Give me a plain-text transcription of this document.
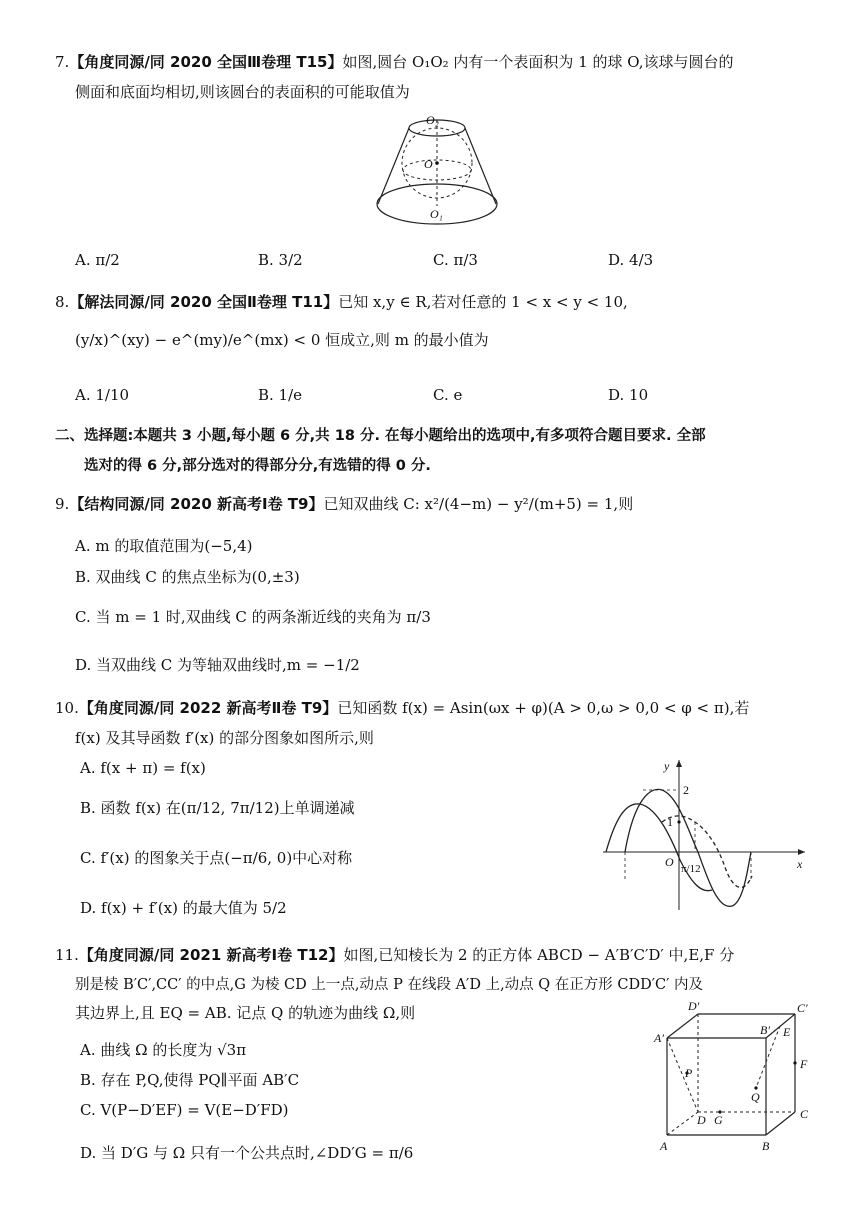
7.【角度同源/同 2020 全国Ⅲ卷理 T15】如图,圆台 O₁O₂ 内有一个表面积为 1 的球 O,该球与圆台的
侧面和底面均相切,则该圆台的表面积的可能取值为
O₂
O
O₁
A. π/2	B. 3/2	C. π/3	D. 4/3
8.【解法同源/同 2020 全国Ⅱ卷理 T11】已知 x,y ∈ R,若对任意的 1 < x < y < 10,
(y/x)^(xy) − e^(my)/e^(mx) < 0 恒成立,则 m 的最小值为
A. 1/10	B. 1/e	C. e	D. 10
二、选择题:本题共 3 小题,每小题 6 分,共 18 分. 在每小题给出的选项中,有多项符合题目要求. 全部
选对的得 6 分,部分选对的得部分分,有选错的得 0 分.
9.【结构同源/同 2020 新高考Ⅰ卷 T9】已知双曲线 C: x²/(4−m) − y²/(m+5) = 1,则
A. m 的取值范围为(−5,4)
B. 双曲线 C 的焦点坐标为(0,±3)
C. 当 m = 1 时,双曲线 C 的两条渐近线的夹角为 π/3
D. 当双曲线 C 为等轴双曲线时,m = −1/2
10.【角度同源/同 2022 新高考Ⅱ卷 T9】已知函数 f(x) = Asin(ωx + φ)(A > 0,ω > 0,0 < φ < π),若
f(x) 及其导函数 f′(x) 的部分图象如图所示,则
A. f(x + π) = f(x)
B. 函数 f(x) 在(π/12, 7π/12)上单调递减
C. f′(x) 的图象关于点(−π/6, 0)中心对称
D. f(x) + f′(x) 的最大值为 5/2
y
x
2
1
O π/12
11.【角度同源/同 2021 新高考Ⅰ卷 T12】如图,已知棱长为 2 的正方体 ABCD − A′B′C′D′ 中,E,F 分
别是棱 B′C′,CC′ 的中点,G 为棱 CD 上一点,动点 P 在线段 A′D 上,动点 Q 在正方形 CDD′C′ 内及
其边界上,且 EQ = AB. 记点 Q 的轨迹为曲线 Ω,则
A. 曲线 Ω 的长度为 √3π
B. 存在 P,Q,使得 PQ∥平面 AB′C
C. V(P−D′EF) = V(E−D′FD)
D. 当 D′G 与 Ω 只有一个公共点时,∠DD′G = π/6
D′	C′
A′
B′ E
F
P
Q
D G	C
A	B
